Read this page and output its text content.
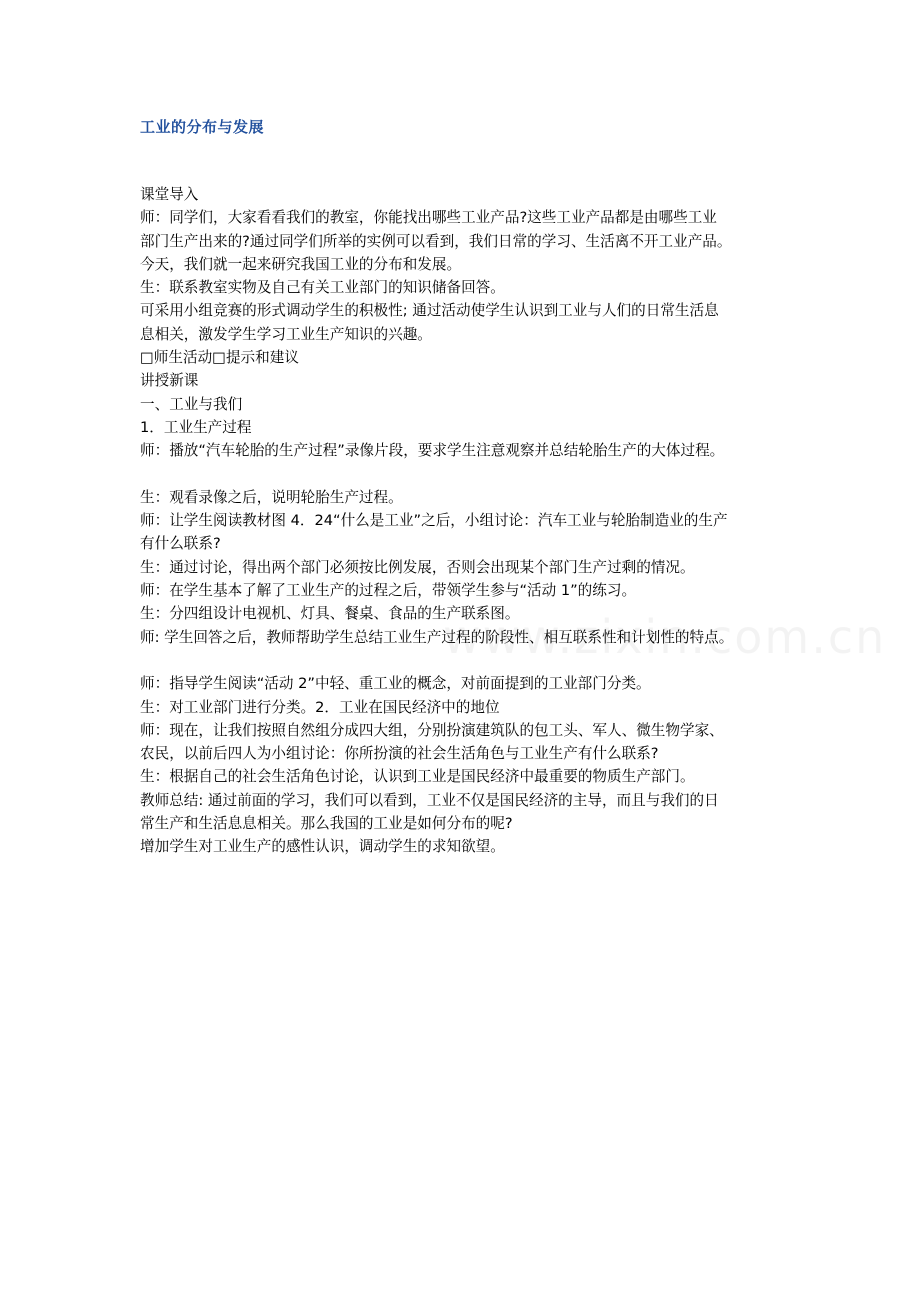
工业的分布与发展
课堂导入
师：同学们，大家看看我们的教室，你能找出哪些工业产品?这些工业产品都是由哪些工业
部门生产出来的?通过同学们所举的实例可以看到，我们日常的学习、生活离不开工业产品。
今天，我们就一起来研究我国工业的分布和发展。
生：联系教室实物及自己有关工业部门的知识储备回答。
可采用小组竞赛的形式调动学生的积极性; 通过活动使学生认识到工业与人们的日常生活息
息相关，激发学生学习工业生产知识的兴趣。
□师生活动□提示和建议
讲授新课
一、工业与我们
1．工业生产过程
师：播放“汽车轮胎的生产过程”录像片段，要求学生注意观察并总结轮胎生产的大体过程。
生：观看录像之后，说明轮胎生产过程。
师：让学生阅读教材图 4．24“什么是工业”之后，小组讨论：汽车工业与轮胎制造业的生产
有什么联系?
生：通过讨论，得出两个部门必须按比例发展，否则会出现某个部门生产过剩的情况。
师：在学生基本了解了工业生产的过程之后，带领学生参与“活动 1”的练习。
生：分四组设计电视机、灯具、餐桌、食品的生产联系图。
师: 学生回答之后，教师帮助学生总结工业生产过程的阶段性、相互联系性和计划性的特点。
师：指导学生阅读“活动 2”中轻、重工业的概念，对前面提到的工业部门分类。
生：对工业部门进行分类。2．工业在国民经济中的地位
师：现在，让我们按照自然组分成四大组，分别扮演建筑队的包工头、军人、微生物学家、
农民，以前后四人为小组讨论：你所扮演的社会生活角色与工业生产有什么联系?
生：根据自己的社会生活角色讨论，认识到工业是国民经济中最重要的物质生产部门。
教师总结: 通过前面的学习，我们可以看到，工业不仅是国民经济的主导，而且与我们的日
常生产和生活息息相关。那么我国的工业是如何分布的呢?
增加学生对工业生产的感性认识，调动学生的求知欲望。
